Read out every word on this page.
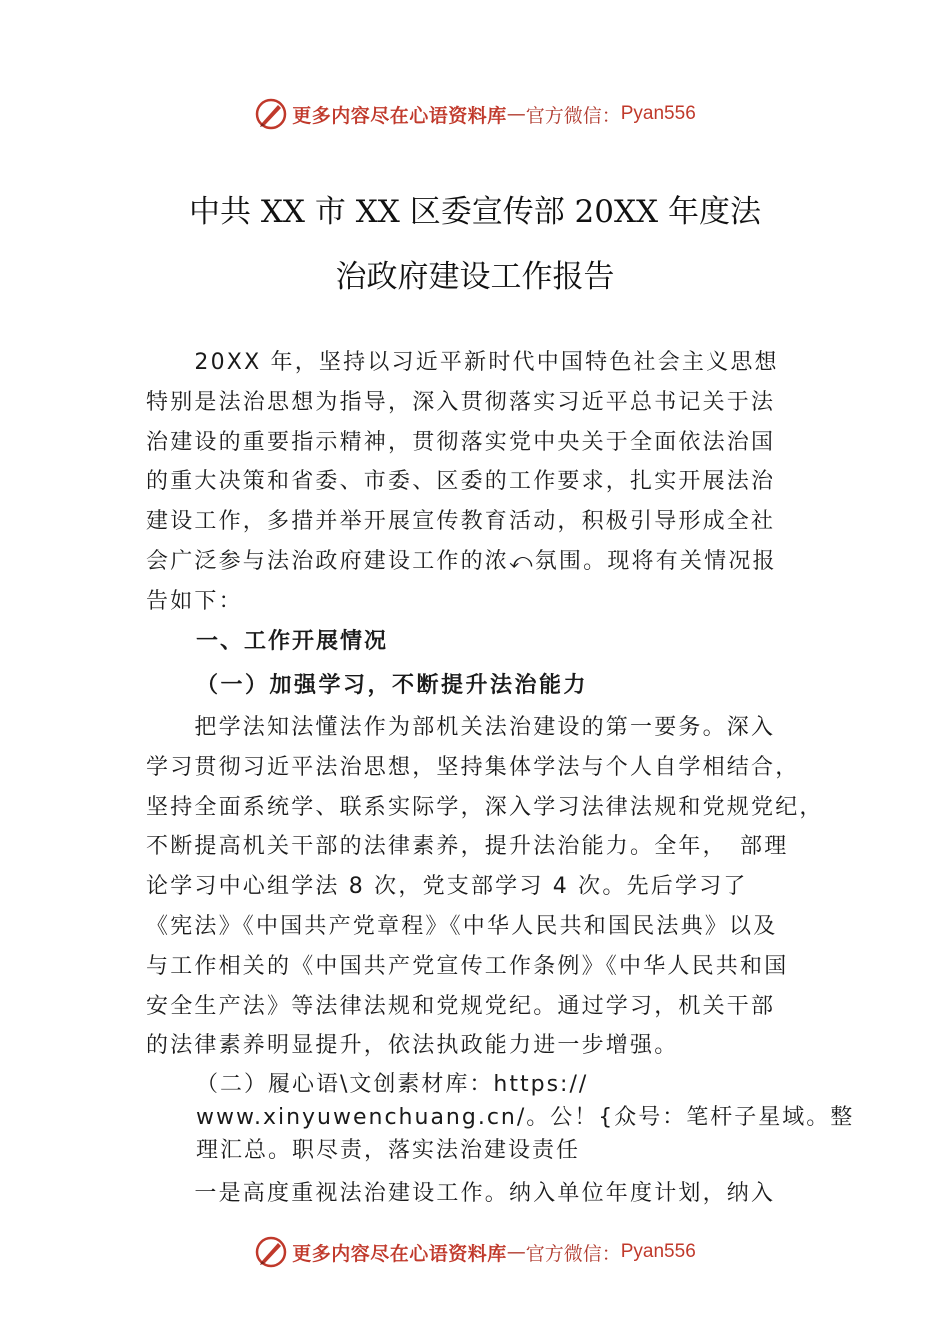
更多内容尽在心语资料库 — 官方微信： Pyan556
中共 XX 市 XX 区委宣传部 20XX 年度法
治政府建设工作报告
　　20XX 年，坚持以习近平新时代中国特色社会主义思想
特别是法治思想为指导，深入贯彻落实习近平总书记关于法
治建设的重要指示精神，贯彻落实党中央关于全面依法治国
的重大决策和省委、市委、区委的工作要求，扎实开展法治
建设工作，多措并举开展宣传教育活动，积极引导形成全社
会广泛参与法治政府建设工作的浓⤺氛围。现将有关情况报
告如下：
一、工作开展情况
（一）加强学习，不断提升法治能力
　　把学法知法懂法作为部机关法治建设的第一要务。深入
学习贯彻习近平法治思想，坚持集体学法与个人自学相结合，
坚持全面系统学、联系实际学，深入学习法律法规和党规党纪，
不断提高机关干部的法律素养，提升法治能力。全年，　部理
论学习中心组学法 8 次，党支部学习 4 次。先后学习了
《宪法》《中国共产党章程》《中华人民共和国民法典》以及
与工作相关的《中国共产党宣传工作条例》《中华人民共和国
安全生产法》等法律法规和党规党纪。通过学习，机关干部
的法律素养明显提升，依法执政能力进一步增强。
（二）履心语\文创素材库：https://
www.xinyuwenchuang.cn/。公！{众号：笔杆子星域。整
理汇总。职尽责，落实法治建设责任
　　一是高度重视法治建设工作。纳入单位年度计划，纳入
更多内容尽在心语资料库 — 官方微信： Pyan556
